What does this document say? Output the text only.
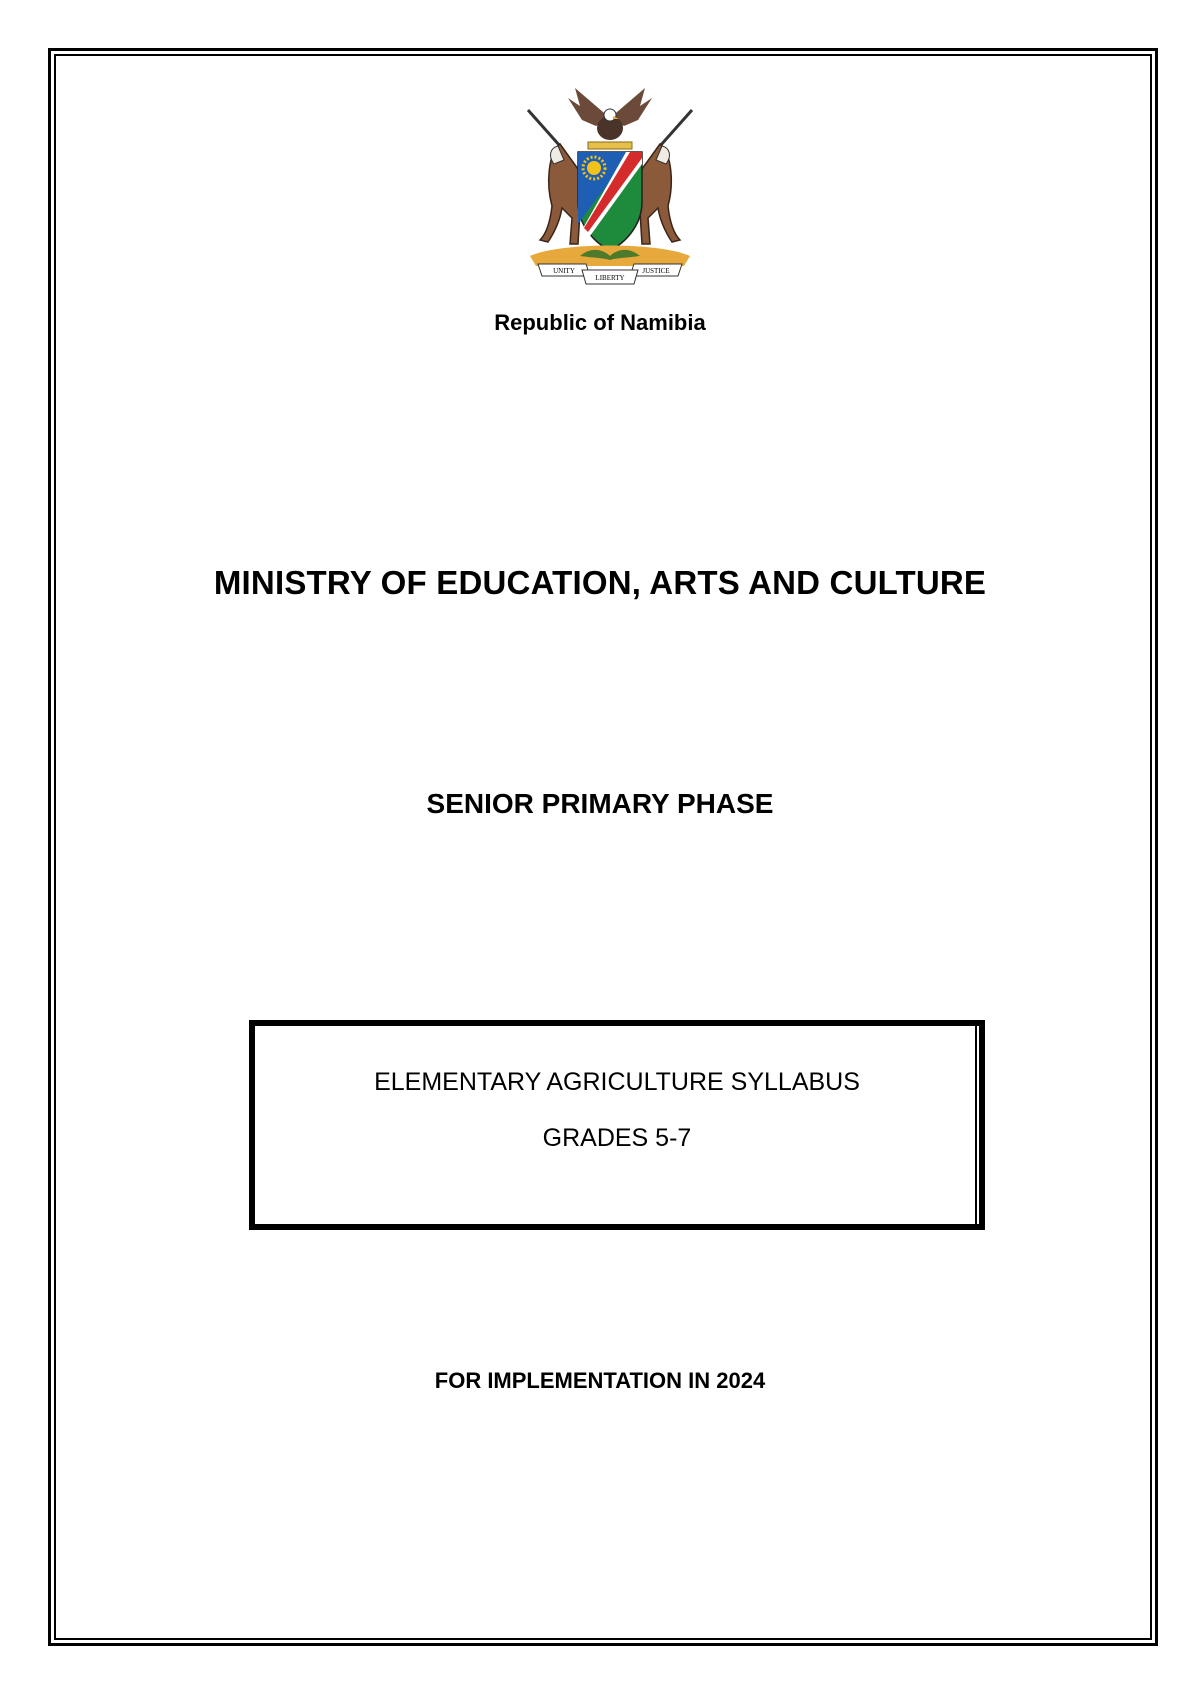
UNITY
LIBERTY
JUSTICE
Republic of Namibia
MINISTRY OF EDUCATION, ARTS AND CULTURE
SENIOR PRIMARY PHASE
ELEMENTARY AGRICULTURE SYLLABUS
GRADES 5-7
FOR IMPLEMENTATION IN 2024
